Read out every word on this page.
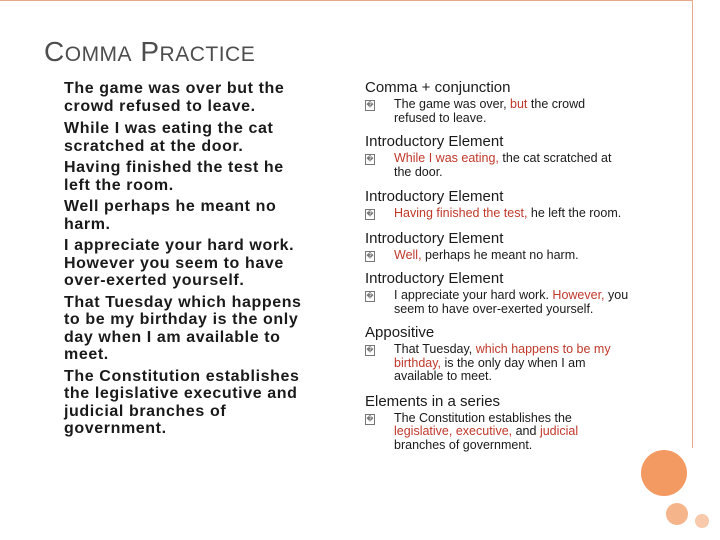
COMMA PRACTICE
The game was over but the crowd refused to leave.
While I was eating the cat scratched at the door.
Having finished the test he left the room.
Well perhaps he meant no harm.
I appreciate your hard work. However you seem to have over-exerted yourself.
That Tuesday which happens to be my birthday is the only day when I am available to meet.
The Constitution establishes the legislative executive and judicial branches of government.
Comma + conjunction
� The game was over, but the crowd refused to leave.
Introductory Element
� While I was eating, the cat scratched at the door.
Introductory Element
� Having finished the test, he left the room.
Introductory Element
� Well, perhaps he meant no harm.
Introductory Element
� I appreciate your hard work. However, you seem to have over-exerted yourself.
Appositive
� That Tuesday, which happens to be my birthday, is the only day when I am available to meet.
Elements in a series
� The Constitution establishes the legislative, executive, and judicial branches of government.
